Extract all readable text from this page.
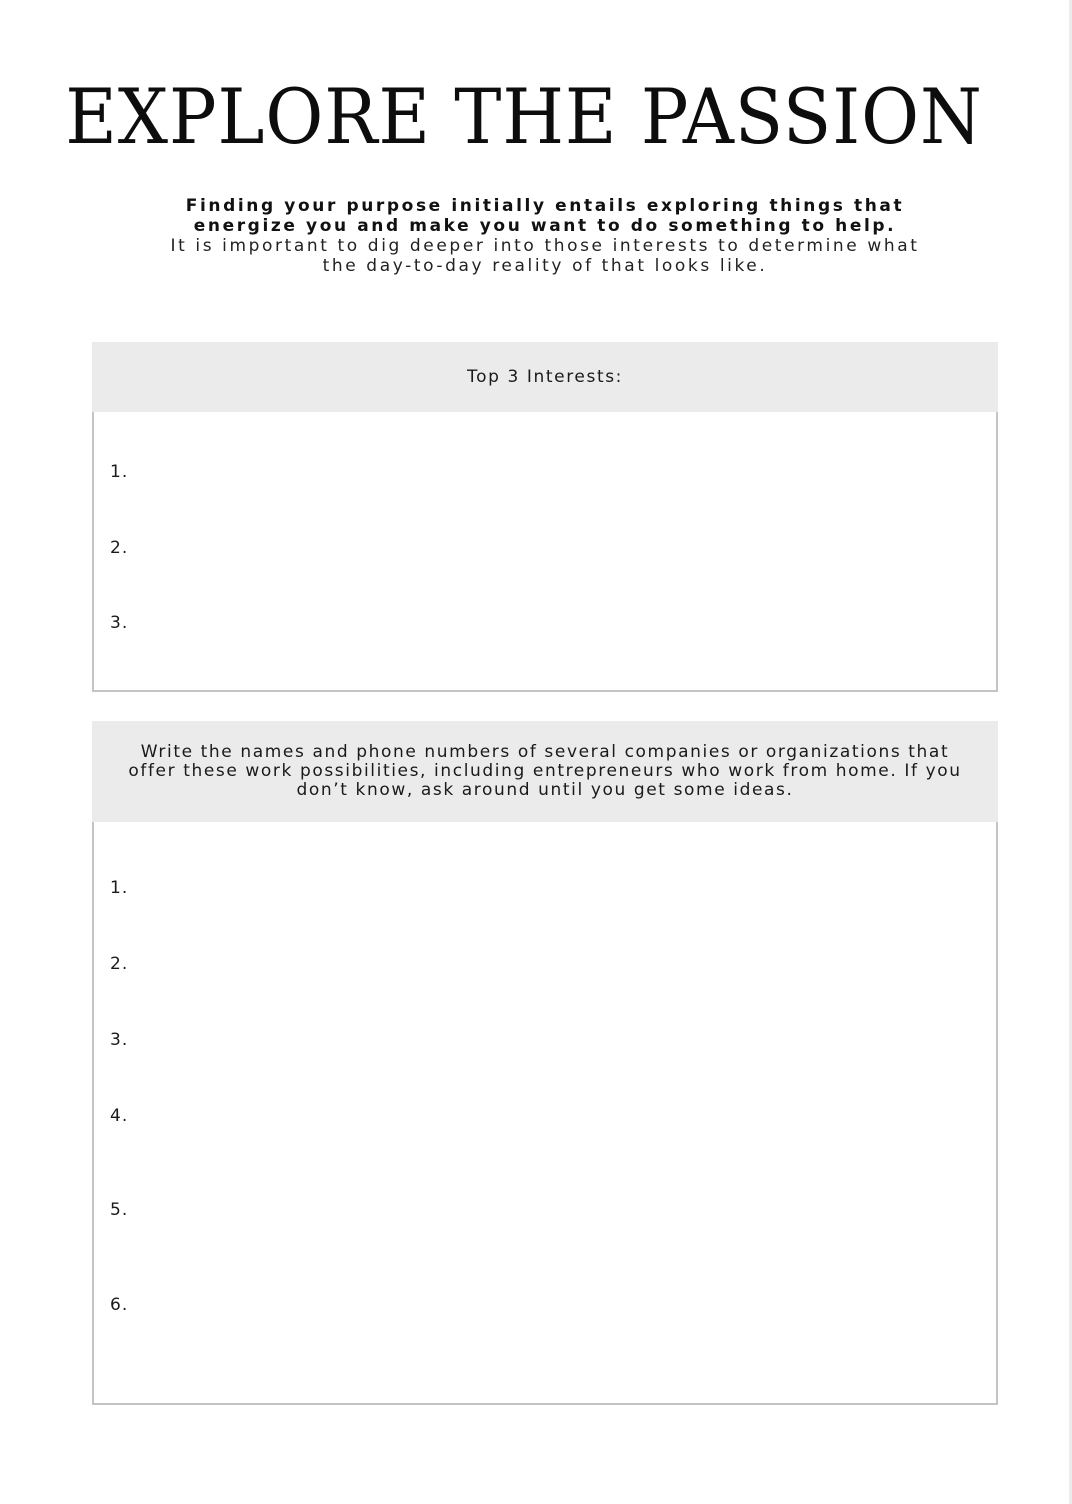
EXPLORE THE PASSION

Finding your purpose initially entails exploring things that

energize you and make you want to do something to help.

It is important to dig deeper into those interests to determine what

the day-to-day reality of that looks like.

Top 3 Interests:
1.
2.
3.
Write the names and phone numbers of several companies or organizations that
offer these work possibilities, including entrepreneurs who work from home. If you
don’t know, ask around until you get some ideas.
1.
2.
3.
4.
5.
6.
